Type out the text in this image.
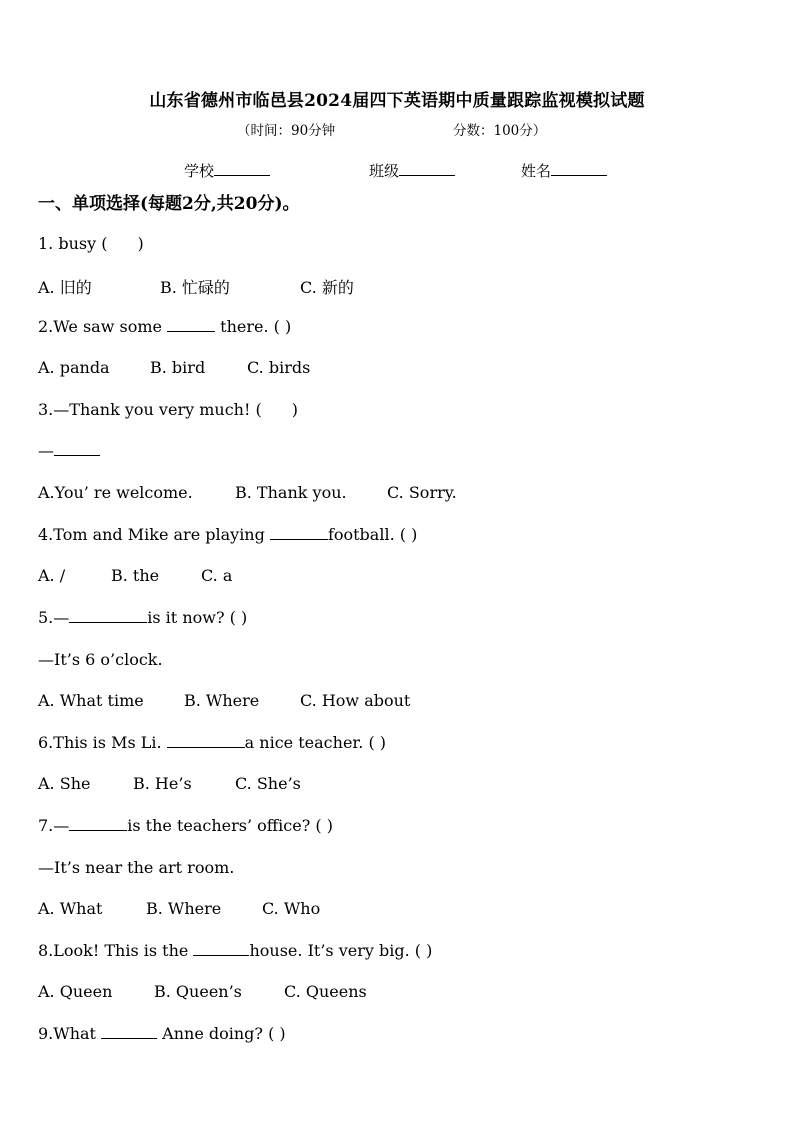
山东省德州市临邑县2024届四下英语期中质量跟踪监视模拟试题
（时间：90分钟	分数：100分）
学校	班级	姓名
一、单项选择(每题2分,共20分)。
1. busy ( )
A. 旧的	B. 忙碌的	C. 新的
2.We saw some	there. ( )
A. panda	B. bird	C. birds
3.—Thank you very much! ( )
—
A.You’ re welcome.	B. Thank you.	C. Sorry.
4.Tom and Mike are playing	football. ( )
A. /	B. the	C. a
5.—	is it now? ( )
—It’s 6 o’clock.
A. What time	B. Where	C. How about
6.This is Ms Li.	a nice teacher. ( )
A. She	B. He’s	C. She’s
7.—	is the teachers’ office? ( )
—It’s near the art room.
A. What	B. Where	C. Who
8.Look! This is the	house. It’s very big. ( )
A. Queen	B. Queen’s	C. Queens
9.What	Anne doing? ( )
